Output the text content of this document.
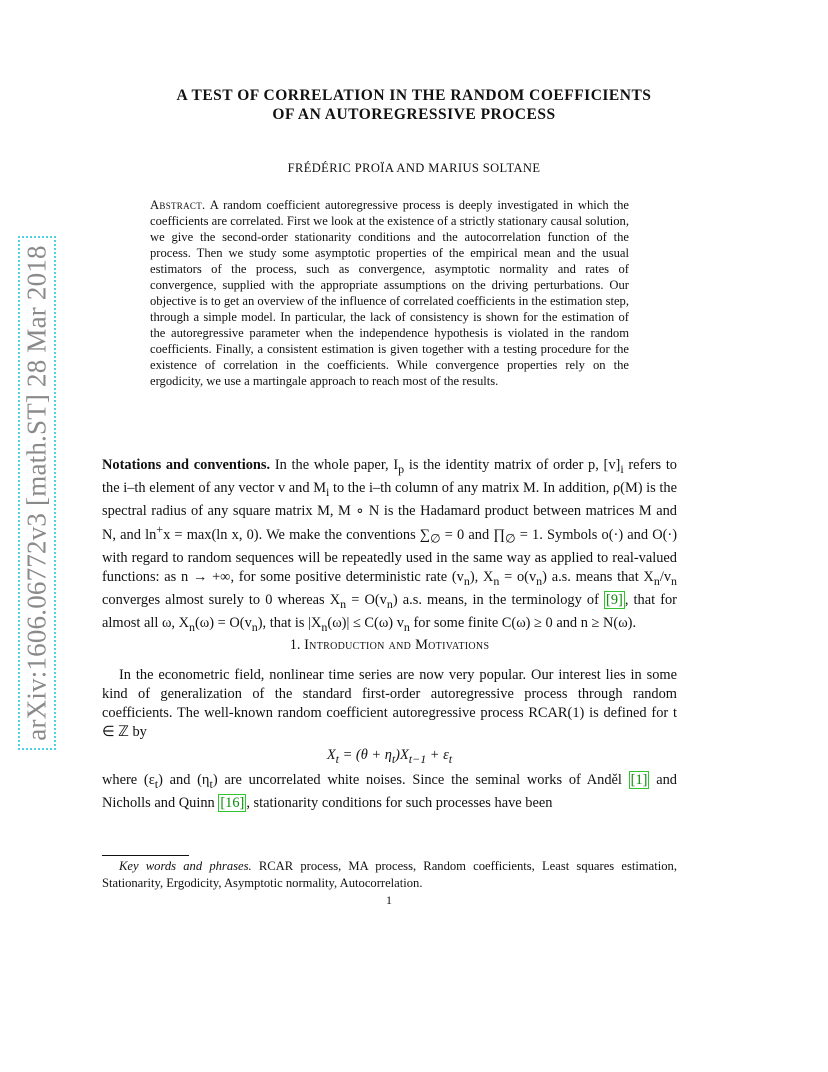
arXiv:1606.06772v3 [math.ST] 28 Mar 2018
A TEST OF CORRELATION IN THE RANDOM COEFFICIENTS
OF AN AUTOREGRESSIVE PROCESS
FRÉDÉRIC PROÏA AND MARIUS SOLTANE
Abstract. A random coefficient autoregressive process is deeply investigated in which the coefficients are correlated. First we look at the existence of a strictly stationary causal solution, we give the second-order stationarity conditions and the autocorrelation function of the process. Then we study some asymptotic properties of the empirical mean and the usual estimators of the process, such as convergence, asymptotic normality and rates of convergence, supplied with the appropriate assumptions on the driving perturbations. Our objective is to get an overview of the influence of correlated coefficients in the estimation step, through a simple model. In particular, the lack of consistency is shown for the estimation of the autoregressive parameter when the independence hypothesis is violated in the random coefficients. Finally, a consistent estimation is given together with a testing procedure for the existence of correlation in the coefficients. While convergence properties rely on the ergodicity, we use a martingale approach to reach most of the results.
Notations and conventions. In the whole paper, $I_p$ is the identity matrix of order p, $[v]_i$ refers to the i–th element of any vector v and $M_i$ to the i–th column of any matrix M. In addition, ρ(M) is the spectral radius of any square matrix M, M ∘ N is the Hadamard product between matrices M and N, and ln+x = max(ln x, 0). We make the conventions $\sum_\emptyset = 0$ and $\prod_\emptyset = 1$. Symbols o(·) and O(·) with regard to random sequences will be repeatedly used in the same way as applied to real-valued functions: as n → +∞, for some positive deterministic rate $(v_n)$, $X_n = o(v_n)$ a.s. means that $X_n/v_n$ converges almost surely to 0 whereas $X_n = O(v_n)$ a.s. means, in the terminology of [9] , that for almost all ω, $X_n(\omega) = O(v_n)$, that is $|X_n(\omega)| \le C(\omega)$ $v_n$ for some finite C(ω) ≥ 0 and n ≥ N(ω).
1. Introduction and Motivations

In the econometric field, nonlinear time series are now very popular. Our interest lies in some kind of generalization of the standard first-order autoregressive process through random coefficients. The well-known random coefficient autoregressive process RCAR(1) is defined for t ∈ ℤ by

$X_t = (\theta + \eta_t)X_{t-1} + \varepsilon_t$

where $(\varepsilon_t)$ and $(\eta_t)$ are uncorrelated white noises. Since the seminal works of Anděl [1] and Nicholls and Quinn [16] , stationarity conditions for such processes have been

Key words and phrases. RCAR process, MA process, Random coefficients, Least squares estimation, Stationarity, Ergodicity, Asymptotic normality, Autocorrelation.

1
